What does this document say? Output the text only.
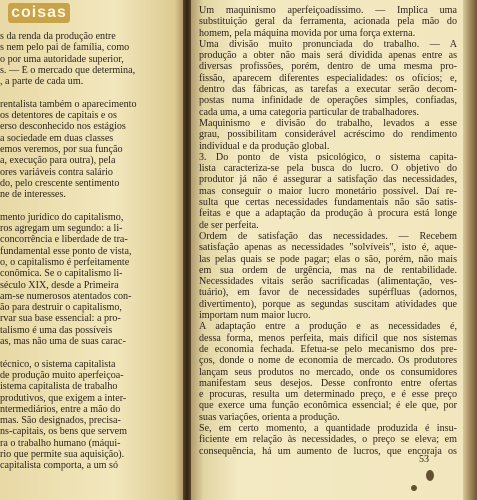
coisas
s da renda da produção entre
s nem pelo pai de família, como
o por uma autoridade superior,
s. — É o mercado que determina,
, a parte de cada um.
rentalista também o aparecimento
os detentores de capitais e os
erso desconhecido nos estágios
a sociedade em duas classes
emos veremos, por sua função
a, execução para outra), pela
ores variáveis contra salário
do, pelo crescente sentimento
ne de interesses.
mento jurídico do capitalismo,
ros agregam um segundo: a li-
concorrência e liberdade de tra-
fundamental esse ponto de vista,
o, o capitalismo é perfeitamente
conômica. Se o capitalismo li-
século XIX, desde a Primeira
am-se numerosos atentados con-
ão para destruir o capitalismo,
rvar sua base essencial: a pro-
talismo é uma das possíveis
as, mas não uma de suas carac-
técnico, o sistema capitalista
de produção muito aperfeiçoa-
istema capitalista de trabalho
produtivos, que exigem a inter-
ntermediários, entre a mão do
mas. São designados, precisa-
ns-capitais, os bens que servem
ra o trabalho humano (máqui-
rio que permite sua aquisição).
capitalista comporta, a um só
Um maquinismo aperfeiçoadíssimo. — Implica uma
substituição geral da ferramenta, acionada pela mão do
homem, pela máquina movida por uma força externa.
Uma divisão muito pronunciada do trabalho. — A
produção a obter não mais será dividida apenas entre as
diversas profissões, porém, dentro de uma mesma pro-
fissão, aparecem diferentes especialidades: os ofícios; e,
dentro das fábricas, as tarefas a executar serão decom-
postas numa infinidade de operações simples, confiadas,
cada uma, a uma categoria particular de trabalhadores.
Maquinismo e divisão do trabalho, levados a esse
grau, possibilitam considerável acréscimo do rendimento
individual e da produção global.
3. Do ponto de vista psicológico, o sistema capita-
lista caracteriza-se pela busca do lucro. O objetivo do
produtor já não é assegurar a satisfação das necessidades,
mas conseguir o maior lucro monetário possível. Daí re-
sulta que certas necessidades fundamentais não são satis-
feitas e que a adaptação da produção à procura está longe
de ser perfeita.
Ordem de satisfação das necessidades. — Recebem
satisfação apenas as necessidades "solvíveis", isto é, aque-
las pelas quais se pode pagar; elas o são, porém, não mais
em sua ordem de urgência, mas na de rentabilidade.
Necessidades vitais serão sacrificadas (alimentação, ves-
tuário), em favor de necessidades supérfluas (adornos,
divertimento), porque as segundas suscitam atividades que
importam num maior lucro.
A adaptação entre a produção e as necessidades é,
dessa forma, menos perfeita, mais difícil que nos sistemas
de economia fechada. Efetua-se pelo mecanismo dos pre-
ços, donde o nome de economia de mercado. Os produtores
lançam seus produtos no mercado, onde os consumidores
manifestam seus desejos. Desse confronto entre ofertas
e procuras, resulta um determinado preço, e é esse preço
que exerce uma função econômica essencial; é ele que, por
suas variações, orienta a produção.
Se, em certo momento, a quantidade produzida é insu-
ficiente em relação às necessidades, o preço se eleva; em
consequência, há um aumento de lucros, que encoraja os
53
